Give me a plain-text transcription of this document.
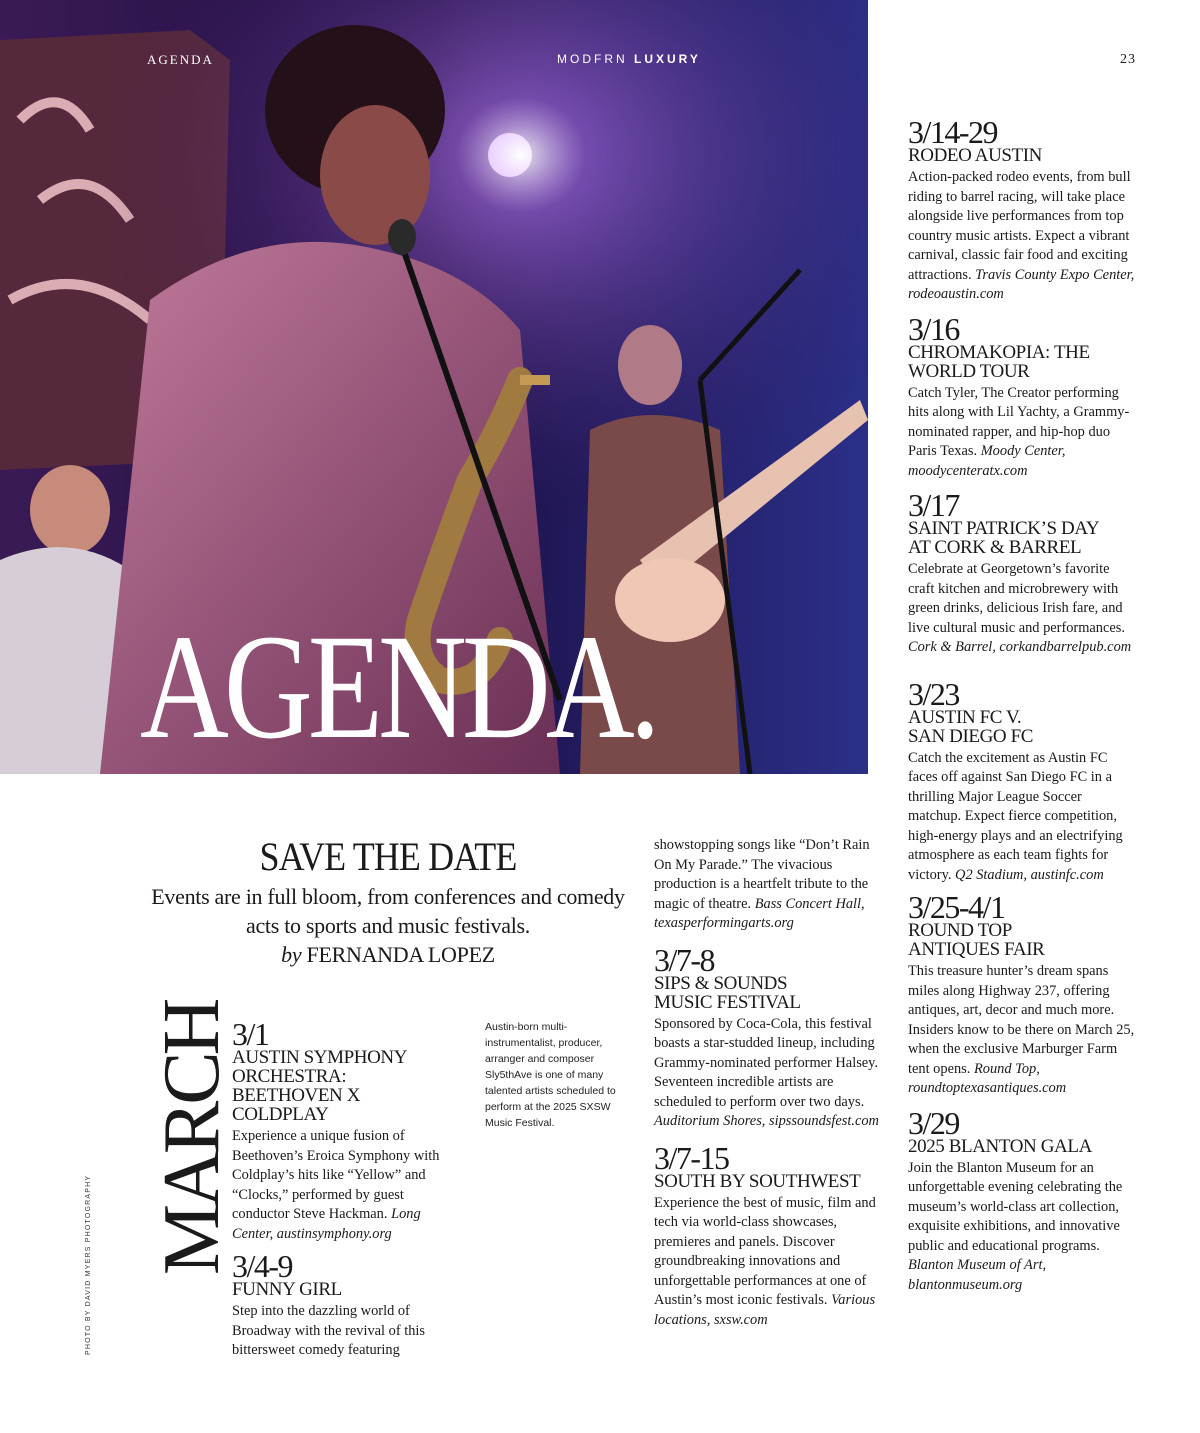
AGENDA	MODFRN LUXURY
AGENDA.
23
SAVE THE DATE

Events are in full bloom, from conferences and comedy acts to sports and music festivals.

by FERNANDA LOPEZ

PHOTO BY DAVID MYERS PHOTOGRAPHY MARCH	Austin-born multi-instrumentalist, producer, arranger and composer Sly5thAve is one of many talented artists scheduled to perform at the 2025 SXSW Music Festival.
3/1
AUSTIN SYMPHONY
ORCHESTRA:
BEETHOVEN X
COLDPLAY
Experience a unique fusion of Beethoven’s Eroica Symphony with Coldplay’s hits like “Yellow” and “Clocks,” performed by guest conductor Steve Hackman. Long Center, austinsymphony.org
3/4-9
FUNNY GIRL
Step into the dazzling world of Broadway with the revival of this bittersweet comedy featuring
showstopping songs like “Don’t Rain On My Parade.” The vivacious production is a heartfelt tribute to the magic of theatre. Bass Concert Hall, texasperformingarts.org
3/7-8
SIPS & SOUNDS
MUSIC FESTIVAL
Sponsored by Coca-Cola, this festival boasts a star-studded lineup, including Grammy-nominated performer Halsey. Seventeen incredible artists are scheduled to perform over two days. Auditorium Shores, sipssoundsfest.com
3/7-15
SOUTH BY SOUTHWEST
Experience the best of music, film and tech via world-class showcases, premieres and panels. Discover groundbreaking innovations and unforgettable performances at one of Austin’s most iconic festivals. Various locations, sxsw.com
3/14-29
RODEO AUSTIN
Action-packed rodeo events, from bull riding to barrel racing, will take place alongside live performances from top country music artists. Expect a vibrant carnival, classic fair food and exciting attractions. Travis County Expo Center, rodeoaustin.com
3/16
CHROMAKOPIA: THE
WORLD TOUR
Catch Tyler, The Creator performing hits along with Lil Yachty, a Grammy-nominated rapper, and hip-hop duo Paris Texas. Moody Center, moodycenteratx.com
3/17
SAINT PATRICK’S DAY
AT CORK & BARREL
Celebrate at Georgetown’s favorite craft kitchen and microbrewery with green drinks, delicious Irish fare, and live cultural music and performances. Cork & Barrel, corkandbarrelpub.com
3/23
AUSTIN FC V.
SAN DIEGO FC
Catch the excitement as Austin FC faces off against San Diego FC in a thrilling Major League Soccer matchup. Expect fierce competition, high-energy plays and an electrifying atmosphere as each team fights for victory. Q2 Stadium, austinfc.com
3/25-4/1
ROUND TOP
ANTIQUES FAIR
This treasure hunter’s dream spans miles along Highway 237, offering antiques, art, decor and much more. Insiders know to be there on March 25, when the exclusive Marburger Farm tent opens. Round Top, roundtoptexasantiques.com
3/29
2025 BLANTON GALA
Join the Blanton Museum for an unforgettable evening celebrating the museum’s world-class art collection, exquisite exhibitions, and innovative public and educational programs. Blanton Museum of Art, blantonmuseum.org
